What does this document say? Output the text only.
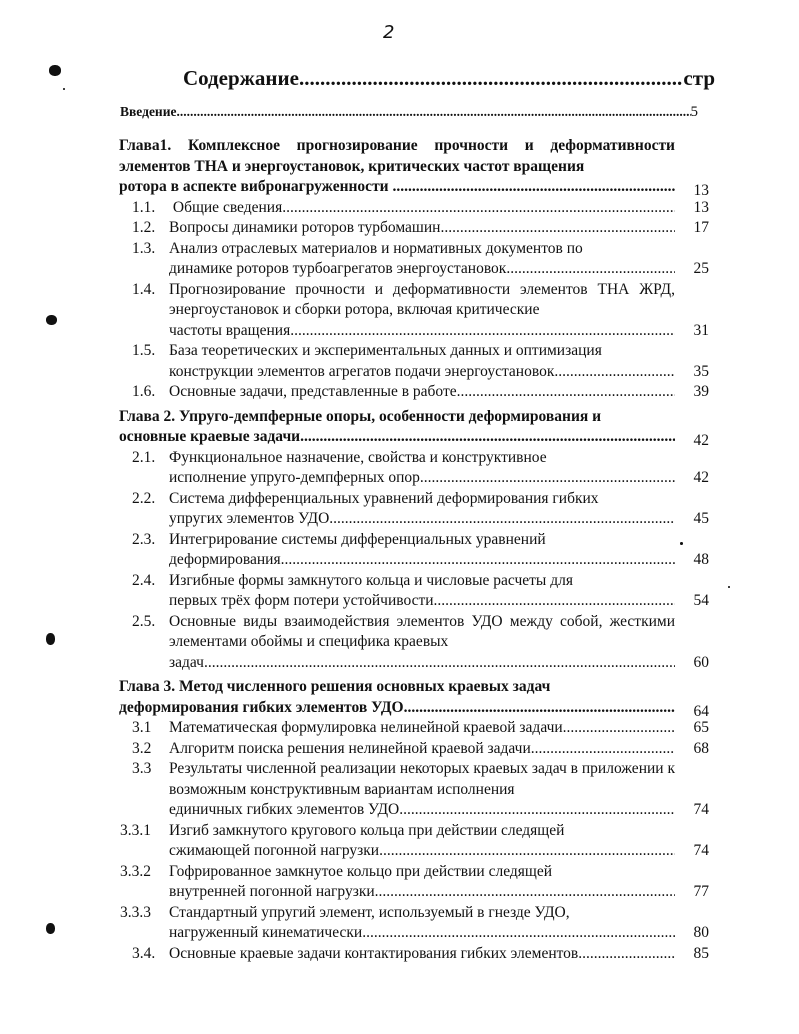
2
Содержание .....	стр
Введение .....	5
Глава1. Комплексное прогнозирование прочности и деформативности элементов ТНА и энергоустановок, критических частот вращения
ротора в аспекте вибронагруженности .....	13
1.1. Общие сведения .....	13
1.2. Вопросы динамики роторов турбомашин .....	17
1.3. Анализ отраслевых материалов и нормативных документов по
динамике роторов турбоагрегатов энергоустановок .....	25
1.4. Прогнозирование прочности и деформативности элементов ТНА ЖРД, энергоустановок и сборки ротора, включая критические
частоты вращения .....	31
1.5. База теоретических и экспериментальных данных и оптимизация
конструкции элементов агрегатов подачи энергоустановок .....	35
1.6. Основные задачи, представленные в работе .....	39
Глава 2. Упруго-демпферные опоры, особенности деформирования и
основные краевые задачи .....	42
2.1. Функциональное назначение, свойства и конструктивное
исполнение упруго-демпферных опор .....	42
2.2. Система дифференциальных уравнений деформирования гибких
упругих элементов УДО .....	45
2.3. Интегрирование системы дифференциальных уравнений
деформирования .....	48
2.4. Изгибные формы замкнутого кольца и числовые расчеты для
первых трёх форм потери устойчивости .....	54
2.5. Основные виды взаимодействия элементов УДО между собой, жесткими элементами обоймы и специфика краевых
задач .....	60
Глава 3. Метод численного решения основных краевых задач
деформирования гибких элементов УДО .....	64
3.1 Математическая формулировка нелинейной краевой задачи .....	65
3.2 Алгоритм поиска решения нелинейной краевой задачи .....	68
3.3 Результаты численной реализации некоторых краевых задач в приложении к возможным конструктивным вариантам исполнения
единичных гибких элементов УДО .....	74
3.3.1 Изгиб замкнутого кругового кольца при действии следящей
сжимающей погонной нагрузки .....	74
3.3.2 Гофрированное замкнутое кольцо при действии следящей
внутренней погонной нагрузки .....	77
3.3.3 Стандартный упругий элемент, используемый в гнезде УДО,
нагруженный кинематически .....	80
3.4. Основные краевые задачи контактирования гибких элементов .....	85
